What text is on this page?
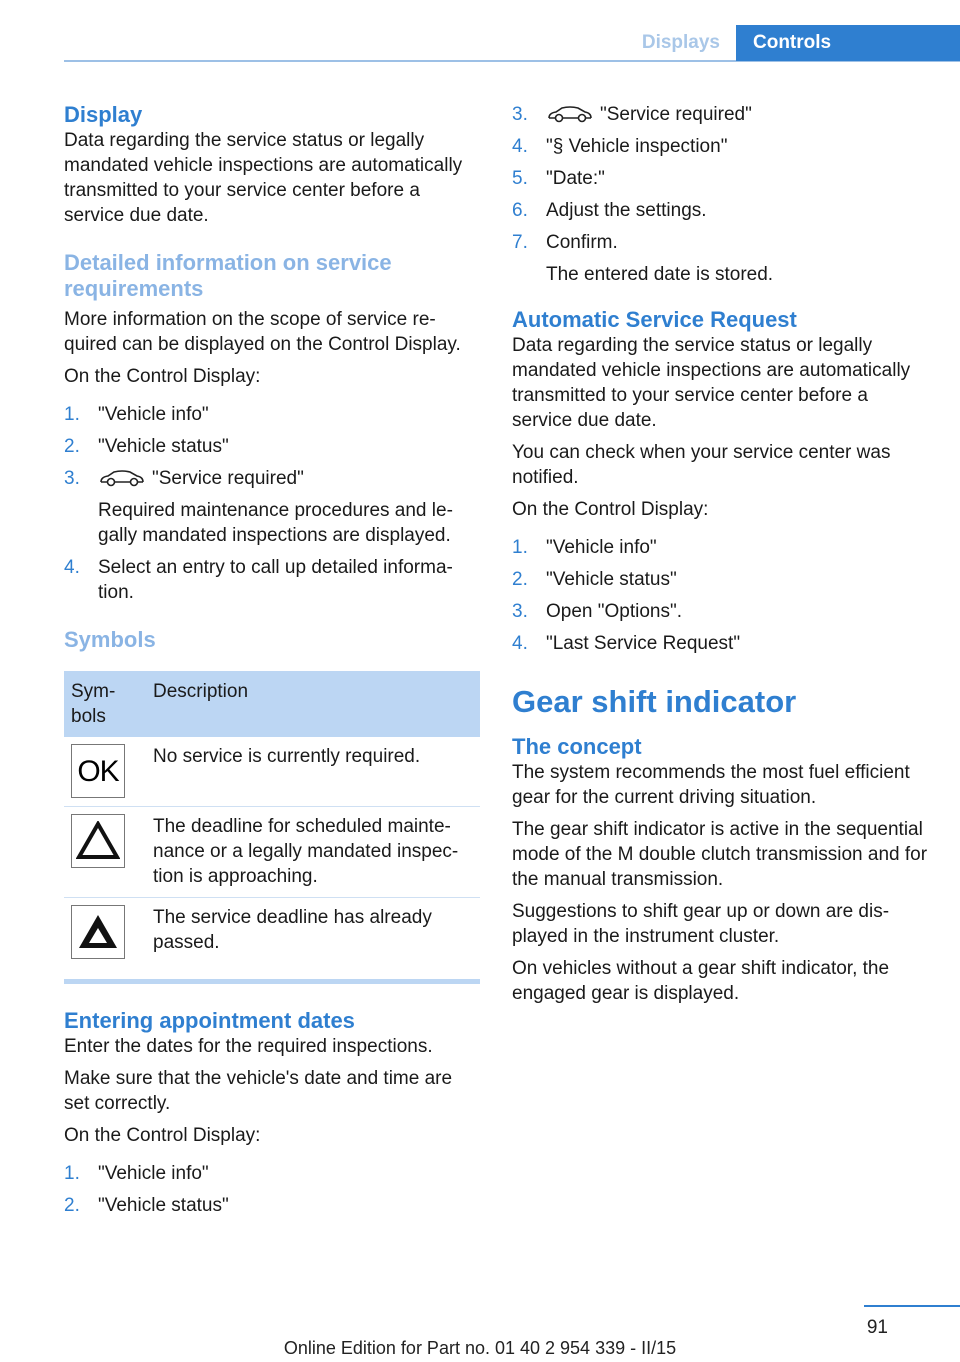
Displays	Controls
Display

Data regarding the service status or legally mandated vehicle inspections are automatically transmitted to your service center before a service due date.

Detailed information on service requirements

More information on the scope of service required can be displayed on the Control Display.

On the Control Display:

1. "Vehicle info"
2. "Vehicle status"
3.	"Service required"
Required maintenance procedures and legally mandated inspections are displayed.
4. Select an entry to call up detailed information.
Symbols
Symbols	Description

OK	No service is currently required.

	The deadline for scheduled maintenance or a legally mandated inspection is approaching.

	The service deadline has already passed.
Entering appointment dates

Enter the dates for the required inspections.

Make sure that the vehicle's date and time are set correctly.

On the Control Display:

1. "Vehicle info"
2. "Vehicle status"
3.	"Service required"
4. "§ Vehicle inspection"
5. "Date:"
6. Adjust the settings.
7. Confirm.
The entered date is stored.
Automatic Service Request

Data regarding the service status or legally mandated vehicle inspections are automatically transmitted to your service center before a service due date.

You can check when your service center was notified.

On the Control Display:

1. "Vehicle info"
2. "Vehicle status"
3. Open "Options".
4. "Last Service Request"
Gear shift indicator
The concept

The system recommends the most fuel efficient gear for the current driving situation.

The gear shift indicator is active in the sequential mode of the M double clutch transmission and for the manual transmission.

Suggestions to shift gear up or down are displayed in the instrument cluster.

On vehicles without a gear shift indicator, the engaged gear is displayed.

91
Online Edition for Part no. 01 40 2 954 339 - II/15
